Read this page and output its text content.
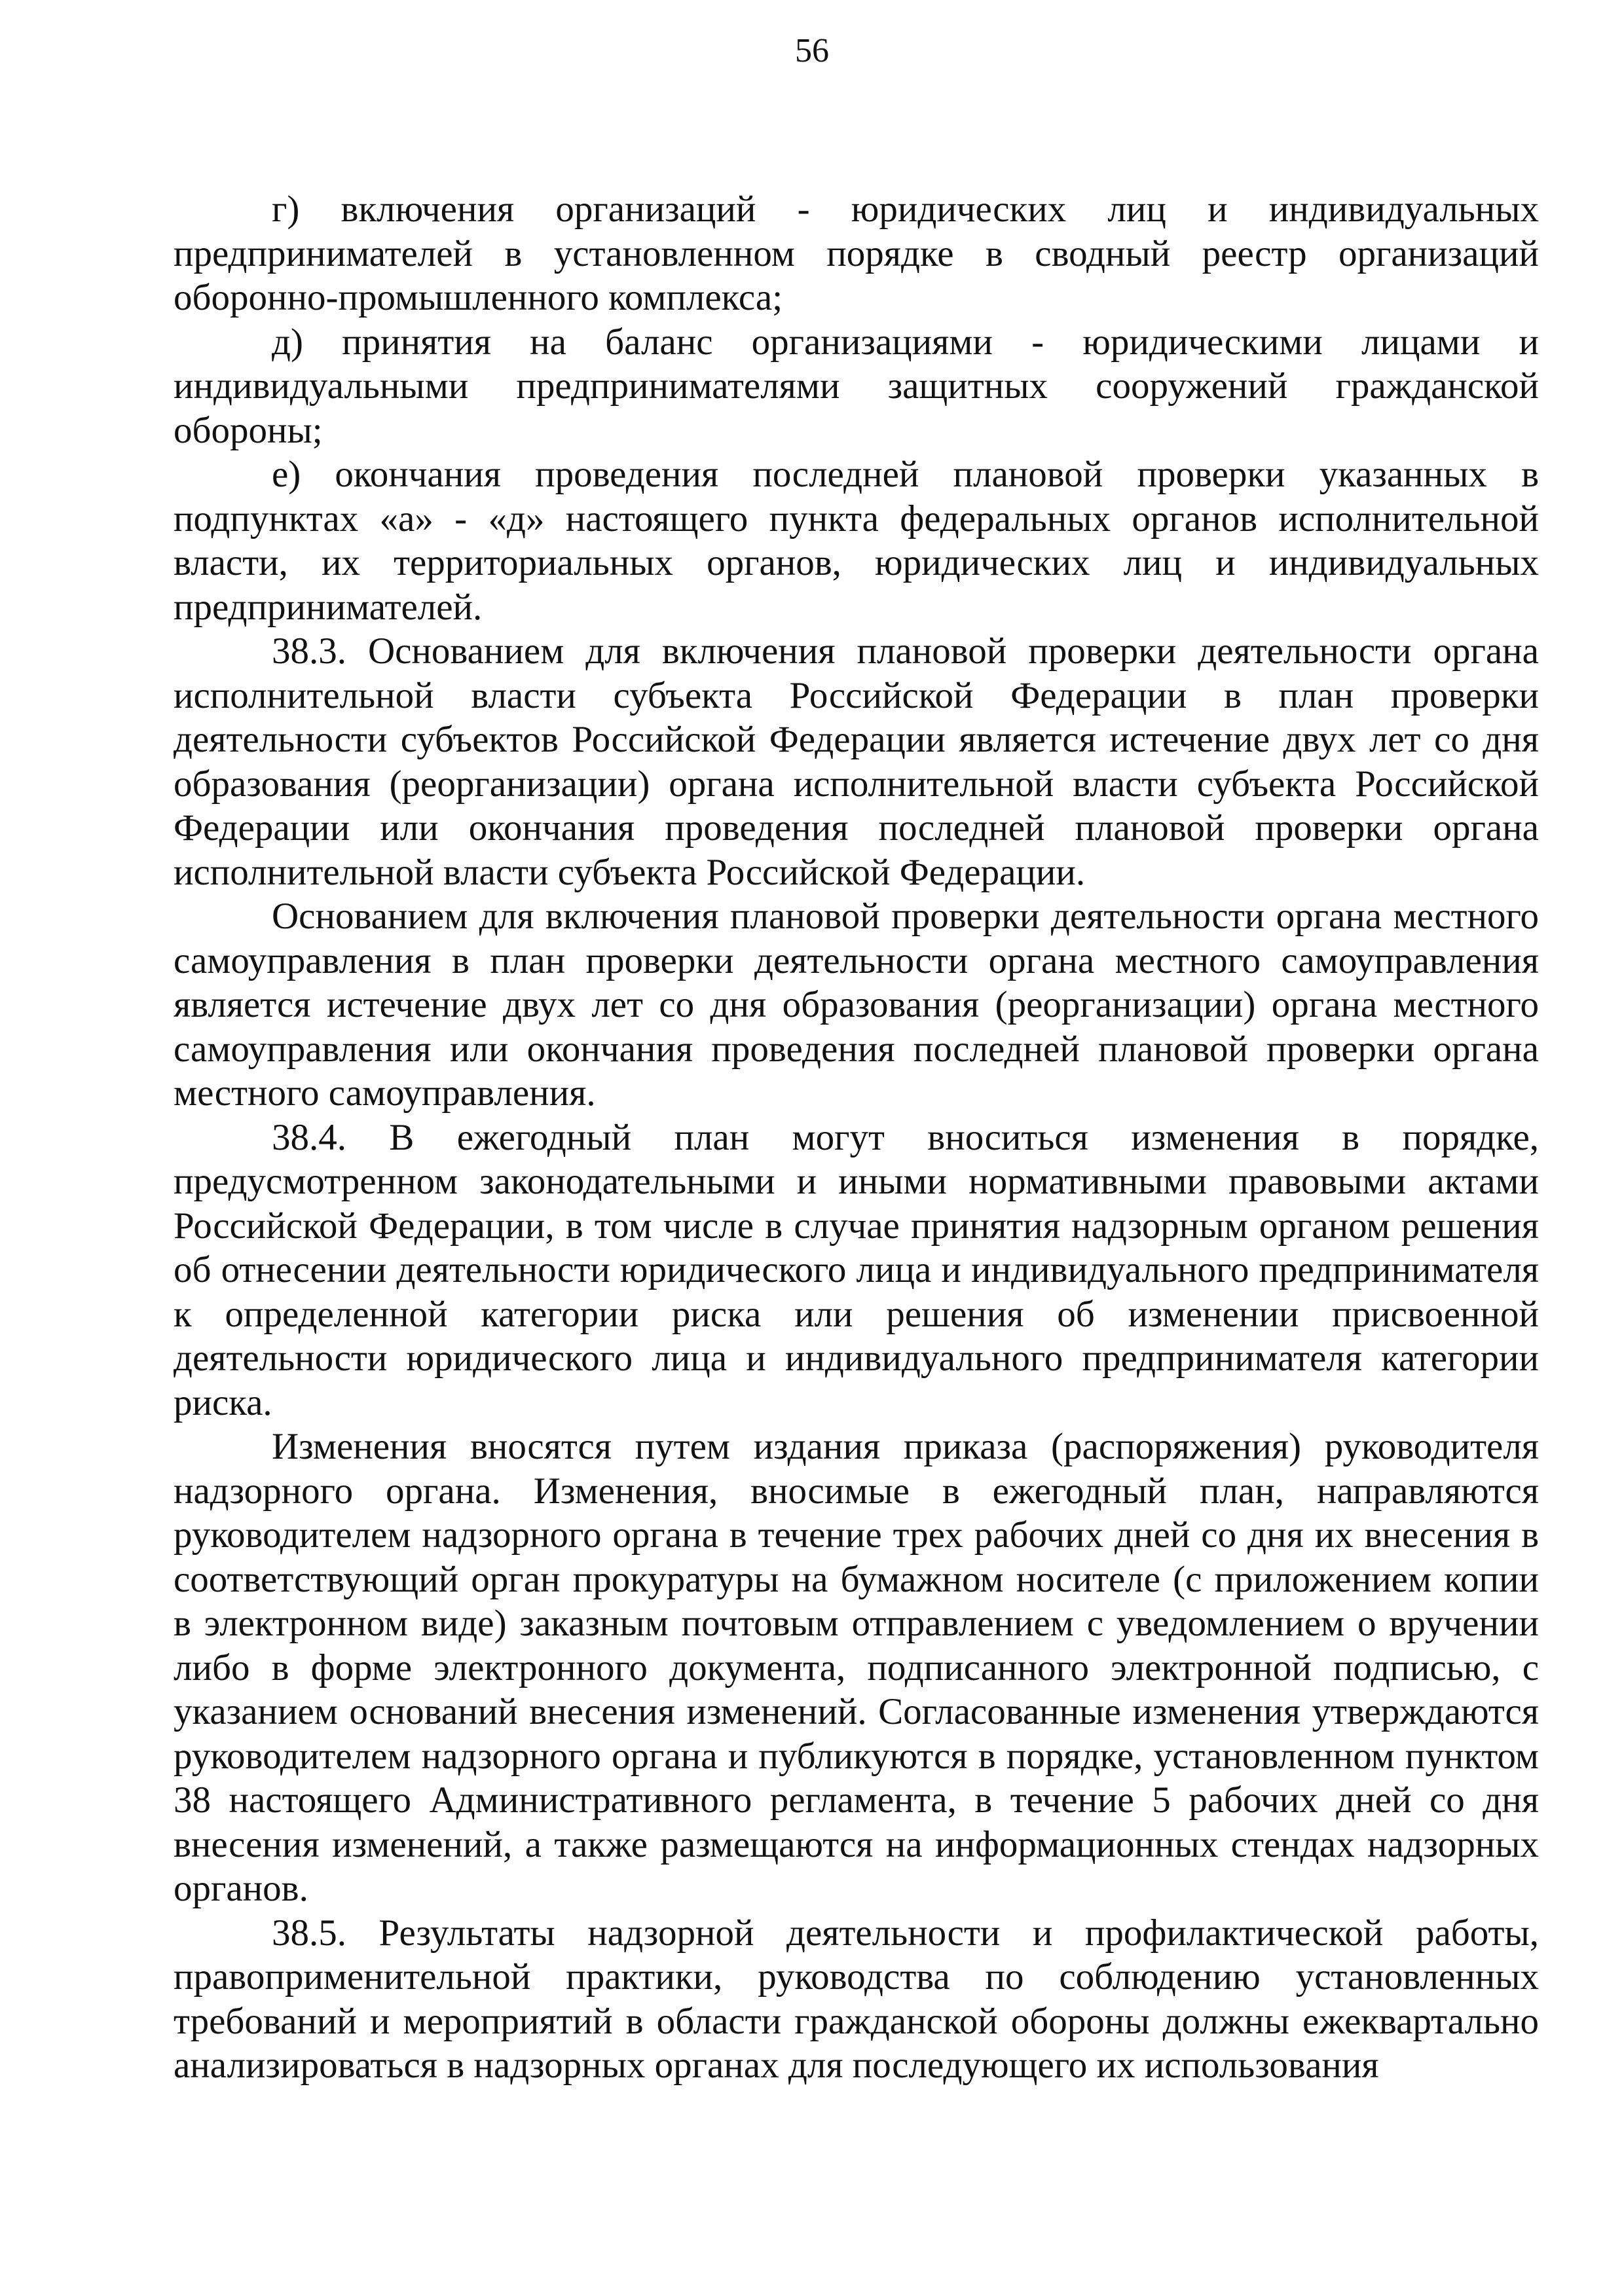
56

г) включения организаций - юридических лиц и индивидуальных предпринимателей в установленном порядке в сводный реестр организаций оборонно-промышленного комплекса;

д) принятия на баланс организациями - юридическими лицами и индивидуальными предпринимателями защитных сооружений гражданской обороны;

е) окончания проведения последней плановой проверки указанных в подпунктах «а» - «д» настоящего пункта федеральных органов исполнительной власти, их территориальных органов, юридических лиц и индивидуальных предпринимателей.

38.3. Основанием для включения плановой проверки деятельности органа исполнительной власти субъекта Российской Федерации в план проверки деятельности субъектов Российской Федерации является истечение двух лет со дня образования (реорганизации) органа исполнительной власти субъекта Российской Федерации или окончания проведения последней плановой проверки органа исполнительной власти субъекта Российской Федерации.

Основанием для включения плановой проверки деятельности органа местного самоуправления в план проверки деятельности органа местного самоуправления является истечение двух лет со дня образования (реорганизации) органа местного самоуправления или окончания проведения последней плановой проверки органа местного самоуправления.

38.4. В ежегодный план могут вноситься изменения в порядке, предусмотренном законодательными и иными нормативными правовыми актами Российской Федерации, в том числе в случае принятия надзорным органом решения об отнесении деятельности юридического лица и индивидуального предпринимателя к определенной категории риска или решения об изменении присвоенной деятельности юридического лица и индивидуального предпринимателя категории риска.

Изменения вносятся путем издания приказа (распоряжения) руководителя надзорного органа. Изменения, вносимые в ежегодный план, направляются руководителем надзорного органа в течение трех рабочих дней со дня их внесения в соответствующий орган прокуратуры на бумажном носителе (с приложением копии в электронном виде) заказным почтовым отправлением с уведомлением о вручении либо в форме электронного документа, подписанного электронной подписью, с указанием оснований внесения изменений. Согласованные изменения утверждаются руководителем надзорного органа и публикуются в порядке, установленном пунктом 38 настоящего Административного регламента, в течение 5 рабочих дней со дня внесения изменений, а также размещаются на информационных стендах надзорных органов.

38.5. Результаты надзорной деятельности и профилактической работы, правоприменительной практики, руководства по соблюдению установленных требований и мероприятий в области гражданской обороны должны ежеквартально анализироваться в надзорных органах для последующего их использования
